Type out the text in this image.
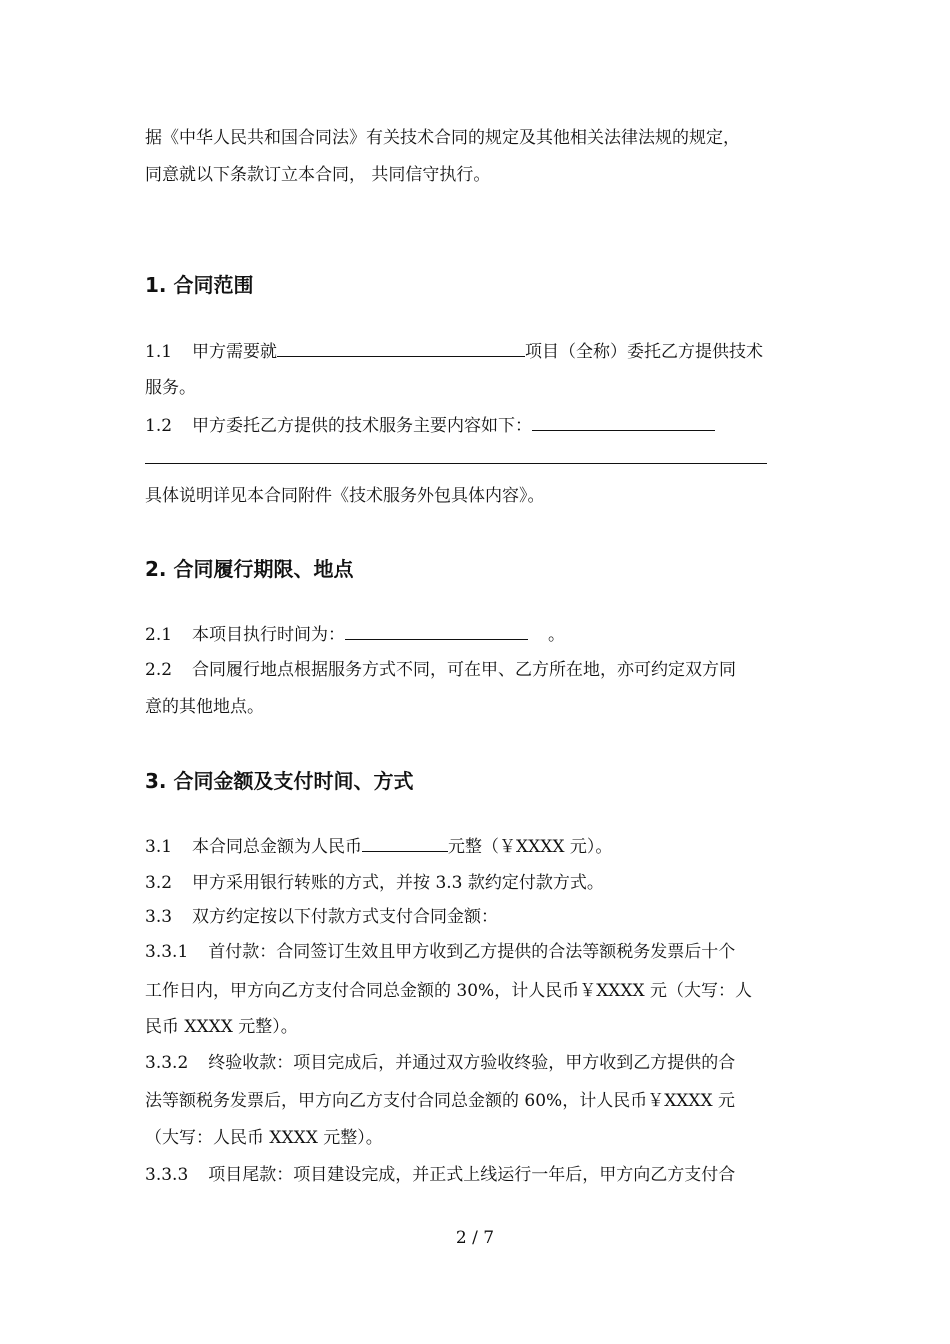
据《中华人民共和国合同法》有关技术合同的规定及其他相关法律法规的规定，
同意就以下条款订立本合同， 共同信守执行。
1. 合同范围
1.1 甲方需要就	项目（全称）委托乙方提供技术
服务。
1.2 甲方委托乙方提供的技术服务主要内容如下：
具体说明详见本合同附件《技术服务外包具体内容》。
2. 合同履行期限、地点
2.1 本项目执行时间为：	。
2.2 合同履行地点根据服务方式不同，可在甲、乙方所在地，亦可约定双方同
意的其他地点。
3. 合同金额及支付时间、方式
3.1 本合同总金额为人民币	元整（￥XXXX 元）。
3.2 甲方采用银行转账的方式，并按 3.3 款约定付款方式。
3.3 双方约定按以下付款方式支付合同金额：
3.3.1 首付款：合同签订生效且甲方收到乙方提供的合法等额税务发票后十个
工作日内，甲方向乙方支付合同总金额的 30%，计人民币￥XXXX 元（大写：人
民币 XXXX 元整）。
3.3.2 终验收款：项目完成后，并通过双方验收终验，甲方收到乙方提供的合
法等额税务发票后，甲方向乙方支付合同总金额的 60%，计人民币￥XXXX 元
（大写：人民币 XXXX 元整）。
3.3.3 项目尾款：项目建设完成，并正式上线运行一年后，甲方向乙方支付合
2 / 7
